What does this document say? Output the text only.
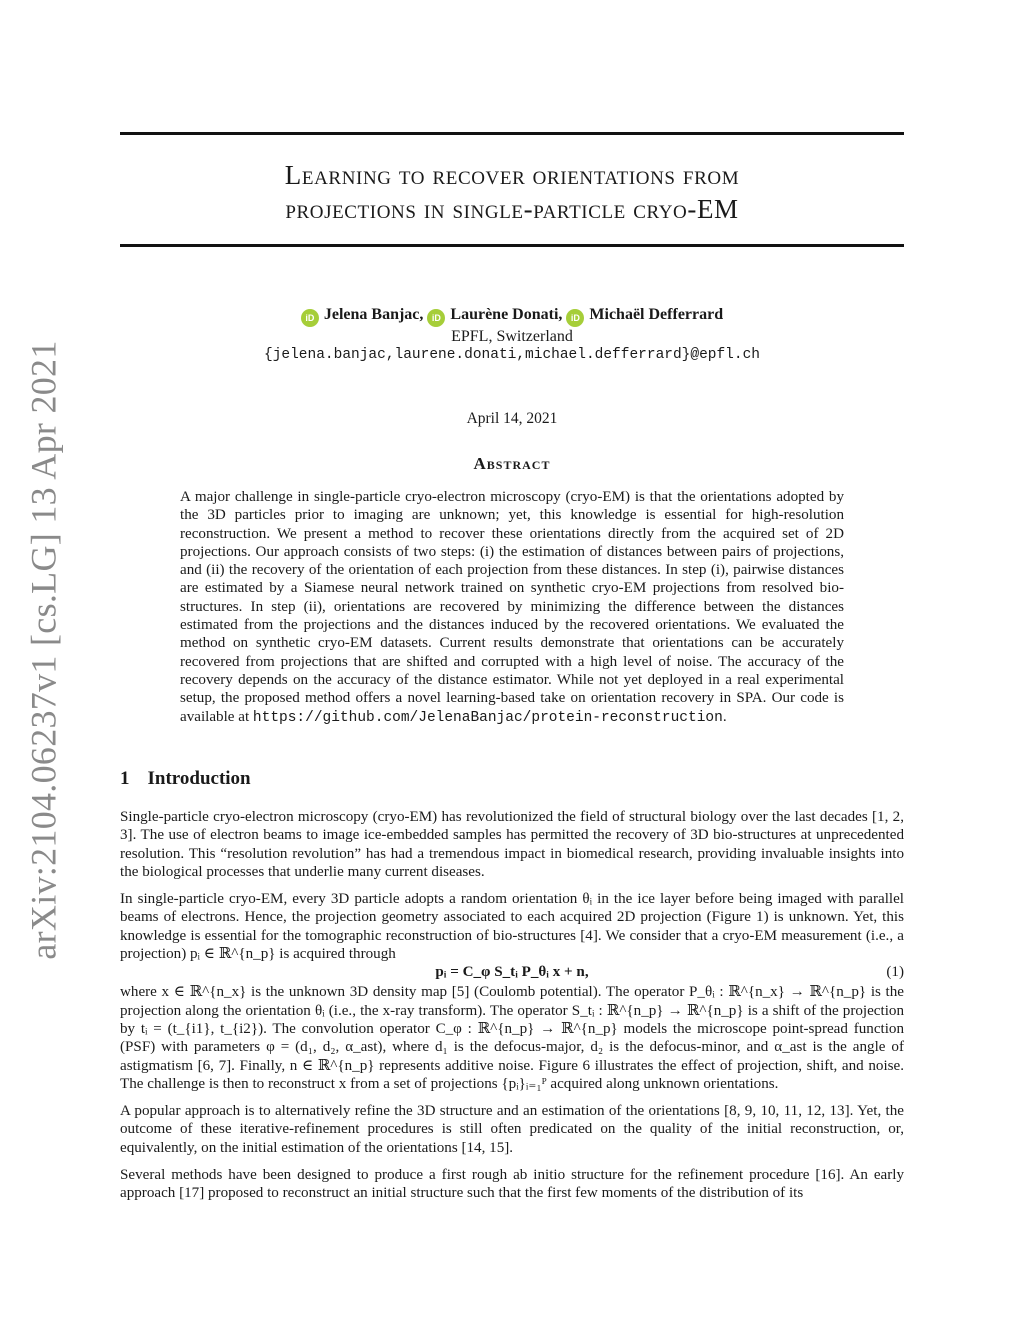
arXiv:2104.06237v1 [cs.LG] 13 Apr 2021
Learning to recover orientations from
projections in single-particle cryo-EM
iD Jelena Banjac, iD Laurène Donati, iD Michaël Defferrard
EPFL, Switzerland
{jelena.banjac,laurene.donati,michael.defferrard}@epfl.ch
April 14, 2021
Abstract

A major challenge in single-particle cryo-electron microscopy (cryo-EM) is that the orientations adopted by the 3D particles prior to imaging are unknown; yet, this knowledge is essential for high-resolution reconstruction. We present a method to recover these orientations directly from the acquired set of 2D projections. Our approach consists of two steps: (i) the estimation of distances between pairs of projections, and (ii) the recovery of the orientation of each projection from these distances. In step (i), pairwise distances are estimated by a Siamese neural network trained on synthetic cryo-EM projections from resolved bio-structures. In step (ii), orientations are recovered by minimizing the difference between the distances estimated from the projections and the distances induced by the recovered orientations. We evaluated the method on synthetic cryo-EM datasets. Current results demonstrate that orientations can be accurately recovered from projections that are shifted and corrupted with a high level of noise. The accuracy of the recovery depends on the accuracy of the distance estimator. While not yet deployed in a real experimental setup, the proposed method offers a novel learning-based take on orientation recovery in SPA. Our code is available at https://github.com/JelenaBanjac/protein-reconstruction.

1 Introduction

Single-particle cryo-electron microscopy (cryo-EM) has revolutionized the field of structural biology over the last decades [1, 2, 3]. The use of electron beams to image ice-embedded samples has permitted the recovery of 3D bio-structures at unprecedented resolution. This “resolution revolution” has had a tremendous impact in biomedical research, providing invaluable insights into the biological processes that underlie many current diseases.

In single-particle cryo-EM, every 3D particle adopts a random orientation θᵢ in the ice layer before being imaged with parallel beams of electrons. Hence, the projection geometry associated to each acquired 2D projection (Figure 1) is unknown. Yet, this knowledge is essential for the tomographic reconstruction of bio-structures [4]. We consider that a cryo-EM measurement (i.e., a projection) pᵢ ∈ ℝ^{n_p} is acquired through

pᵢ = C_φ S_tᵢ P_θᵢ x + n,	(1)

where x ∈ ℝ^{n_x} is the unknown 3D density map [5] (Coulomb potential). The operator P_θᵢ : ℝ^{n_x} → ℝ^{n_p} is the projection along the orientation θᵢ (i.e., the x-ray transform). The operator S_tᵢ : ℝ^{n_p} → ℝ^{n_p} is a shift of the projection by tᵢ = (t_{i1}, t_{i2}). The convolution operator C_φ : ℝ^{n_p} → ℝ^{n_p} models the microscope point-spread function (PSF) with parameters φ = (d₁, d₂, α_ast), where d₁ is the defocus-major, d₂ is the defocus-minor, and α_ast is the angle of astigmatism [6, 7]. Finally, n ∈ ℝ^{n_p} represents additive noise. Figure 6 illustrates the effect of projection, shift, and noise. The challenge is then to reconstruct x from a set of projections {pᵢ}ᵢ₌₁ᴾ acquired along unknown orientations.

A popular approach is to alternatively refine the 3D structure and an estimation of the orientations [8, 9, 10, 11, 12, 13]. Yet, the outcome of these iterative-refinement procedures is still often predicated on the quality of the initial reconstruction, or, equivalently, on the initial estimation of the orientations [14, 15].

Several methods have been designed to produce a first rough ab initio structure for the refinement procedure [16]. An early approach [17] proposed to reconstruct an initial structure such that the first few moments of the distribution of its
